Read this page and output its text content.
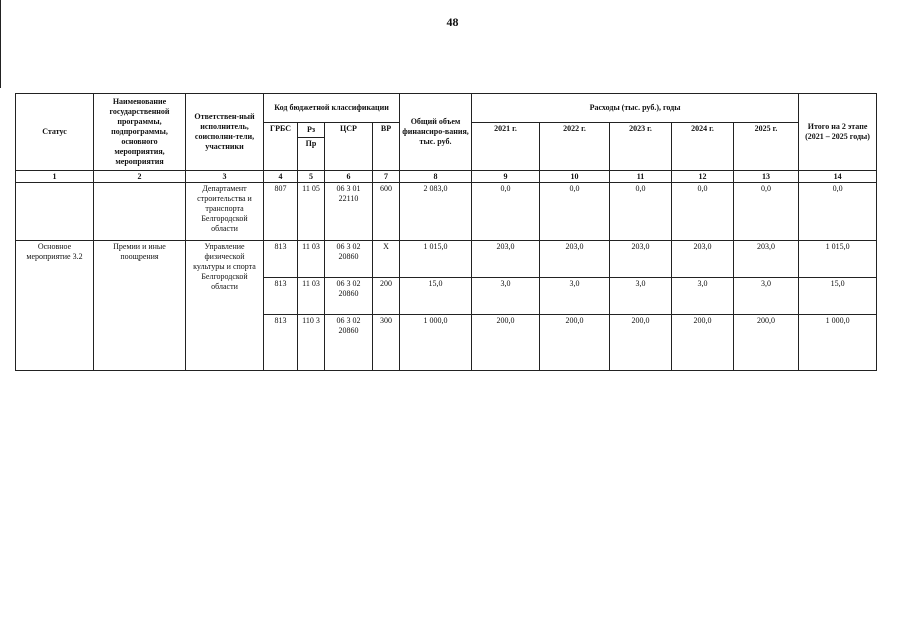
48
Статус	Наименование государственной программы, подпрограммы, основного мероприятия, мероприятия	Ответствен-ный исполнитель, соисполни-тели, участники	Код бюджетной классификации				Общий объем финансиро-вания, тыс. руб.	Расходы (тыс. руб.), годы					Итого на 2 этапе (2021 – 2025 годы)
			ГРБС	Рз	ЦСР	ВР		2021 г.	2022 г.	2023 г.	2024 г.	2025 г.	
				Пр									
1	2	3	4	5	6	7	8	9	10	11	12	13	14
		Департамент строительства и транспорта Белгородской области	807	11 05	06 3 01 22110	600	2 083,0	0,0	0,0	0,0	0,0	0,0	0,0
Основное мероприятие 3.2	Премии и иные поощрения	Управление физической культуры и спорта Белгородской области	813	11 03	06 3 02 20860	Х	1 015,0	203,0	203,0	203,0	203,0	203,0	1 015,0
			813	11 03	06 3 02 20860	200	15,0	3,0	3,0	3,0	3,0	3,0	15,0
			813	110 3	06 3 02 20860	300	1 000,0	200,0	200,0	200,0	200,0	200,0	1 000,0
